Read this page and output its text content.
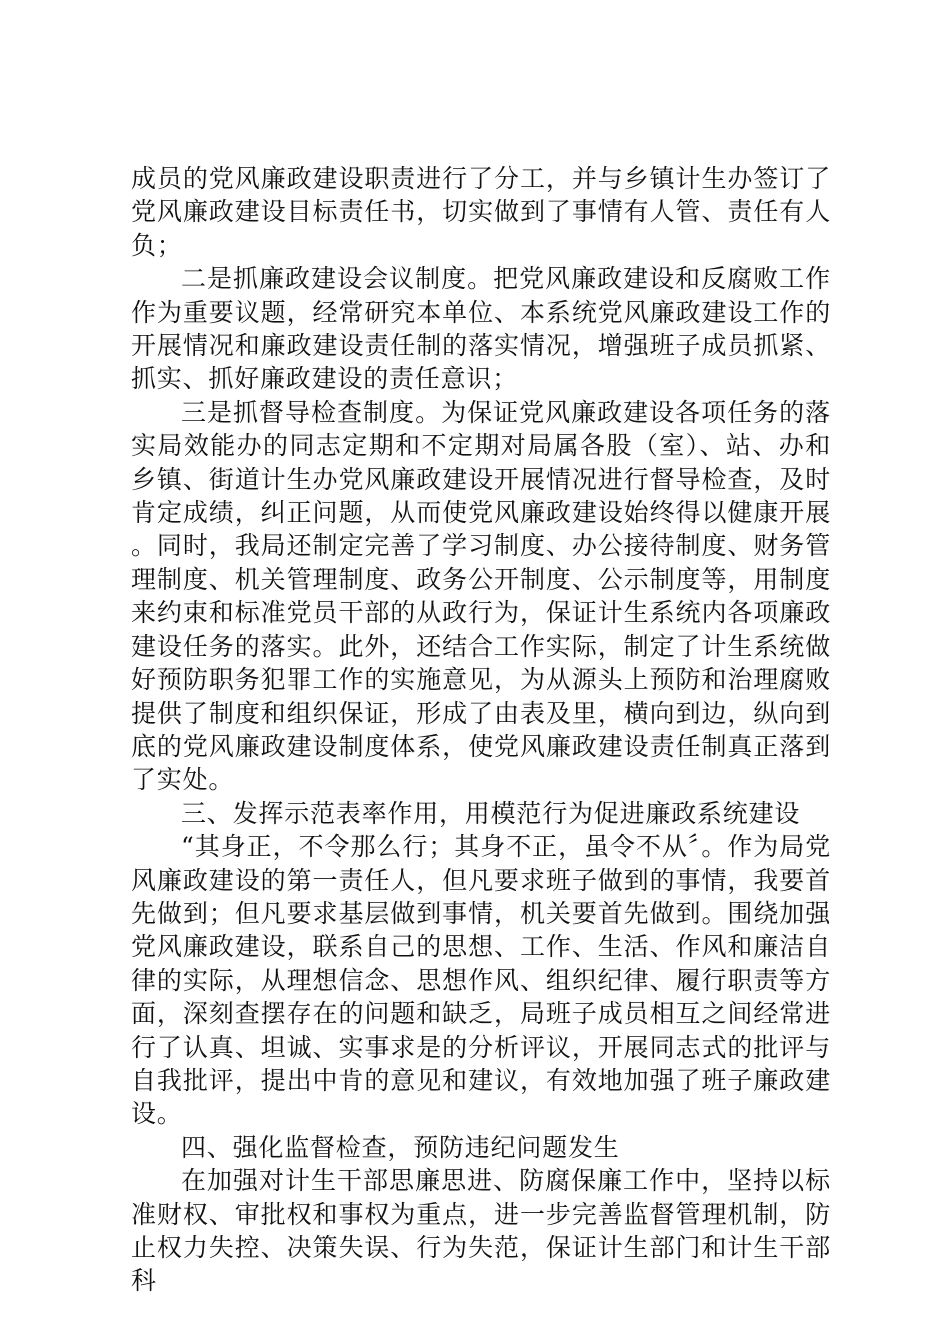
成员的党风廉政建设职责进行了分工，并与乡镇计生办签订了党风廉政建设目标责任书，切实做到了事情有人管、责任有人负；

二是抓廉政建设会议制度。把党风廉政建设和反腐败工作作为重要议题，经常研究本单位、本系统党风廉政建设工作的开展情况和廉政建设责任制的落实情况，增强班子成员抓紧、抓实、抓好廉政建设的责任意识；

三是抓督导检查制度。为保证党风廉政建设各项任务的落实局效能办的同志定期和不定期对局属各股（室）、站、办和乡镇、街道计生办党风廉政建设开展情况进行督导检查，及时肯定成绩，纠正问题，从而使党风廉政建设始终得以健康开展。同时，我局还制定完善了学习制度、办公接待制度、财务管理制度、机关管理制度、政务公开制度、公示制度等，用制度来约束和标准党员干部的从政行为，保证计生系统内各项廉政建设任务的落实。此外，还结合工作实际，制定了计生系统做好预防职务犯罪工作的实施意见，为从源头上预防和治理腐败提供了制度和组织保证，形成了由表及里，横向到边，纵向到底的党风廉政建设制度体系，使党风廉政建设责任制真正落到了实处。

三、发挥示范表率作用，用模范行为促进廉政系统建设

“其身正，不令那么行；其身不正，虽令不从〞。作为局党风廉政建设的第一责任人，但凡要求班子做到的事情，我要首先做到；但凡要求基层做到事情，机关要首先做到。围绕加强党风廉政建设，联系自己的思想、工作、生活、作风和廉洁自律的实际，从理想信念、思想作风、组织纪律、履行职责等方面，深刻查摆存在的问题和缺乏，局班子成员相互之间经常进行了认真、坦诚、实事求是的分析评议，开展同志式的批评与自我批评，提出中肯的意见和建议，有效地加强了班子廉政建设。

四、强化监督检查，预防违纪问题发生

在加强对计生干部思廉思进、防腐保廉工作中，坚持以标准财权、审批权和事权为重点，进一步完善监督管理机制，防止权力失控、决策失误、行为失范，保证计生部门和计生干部科
